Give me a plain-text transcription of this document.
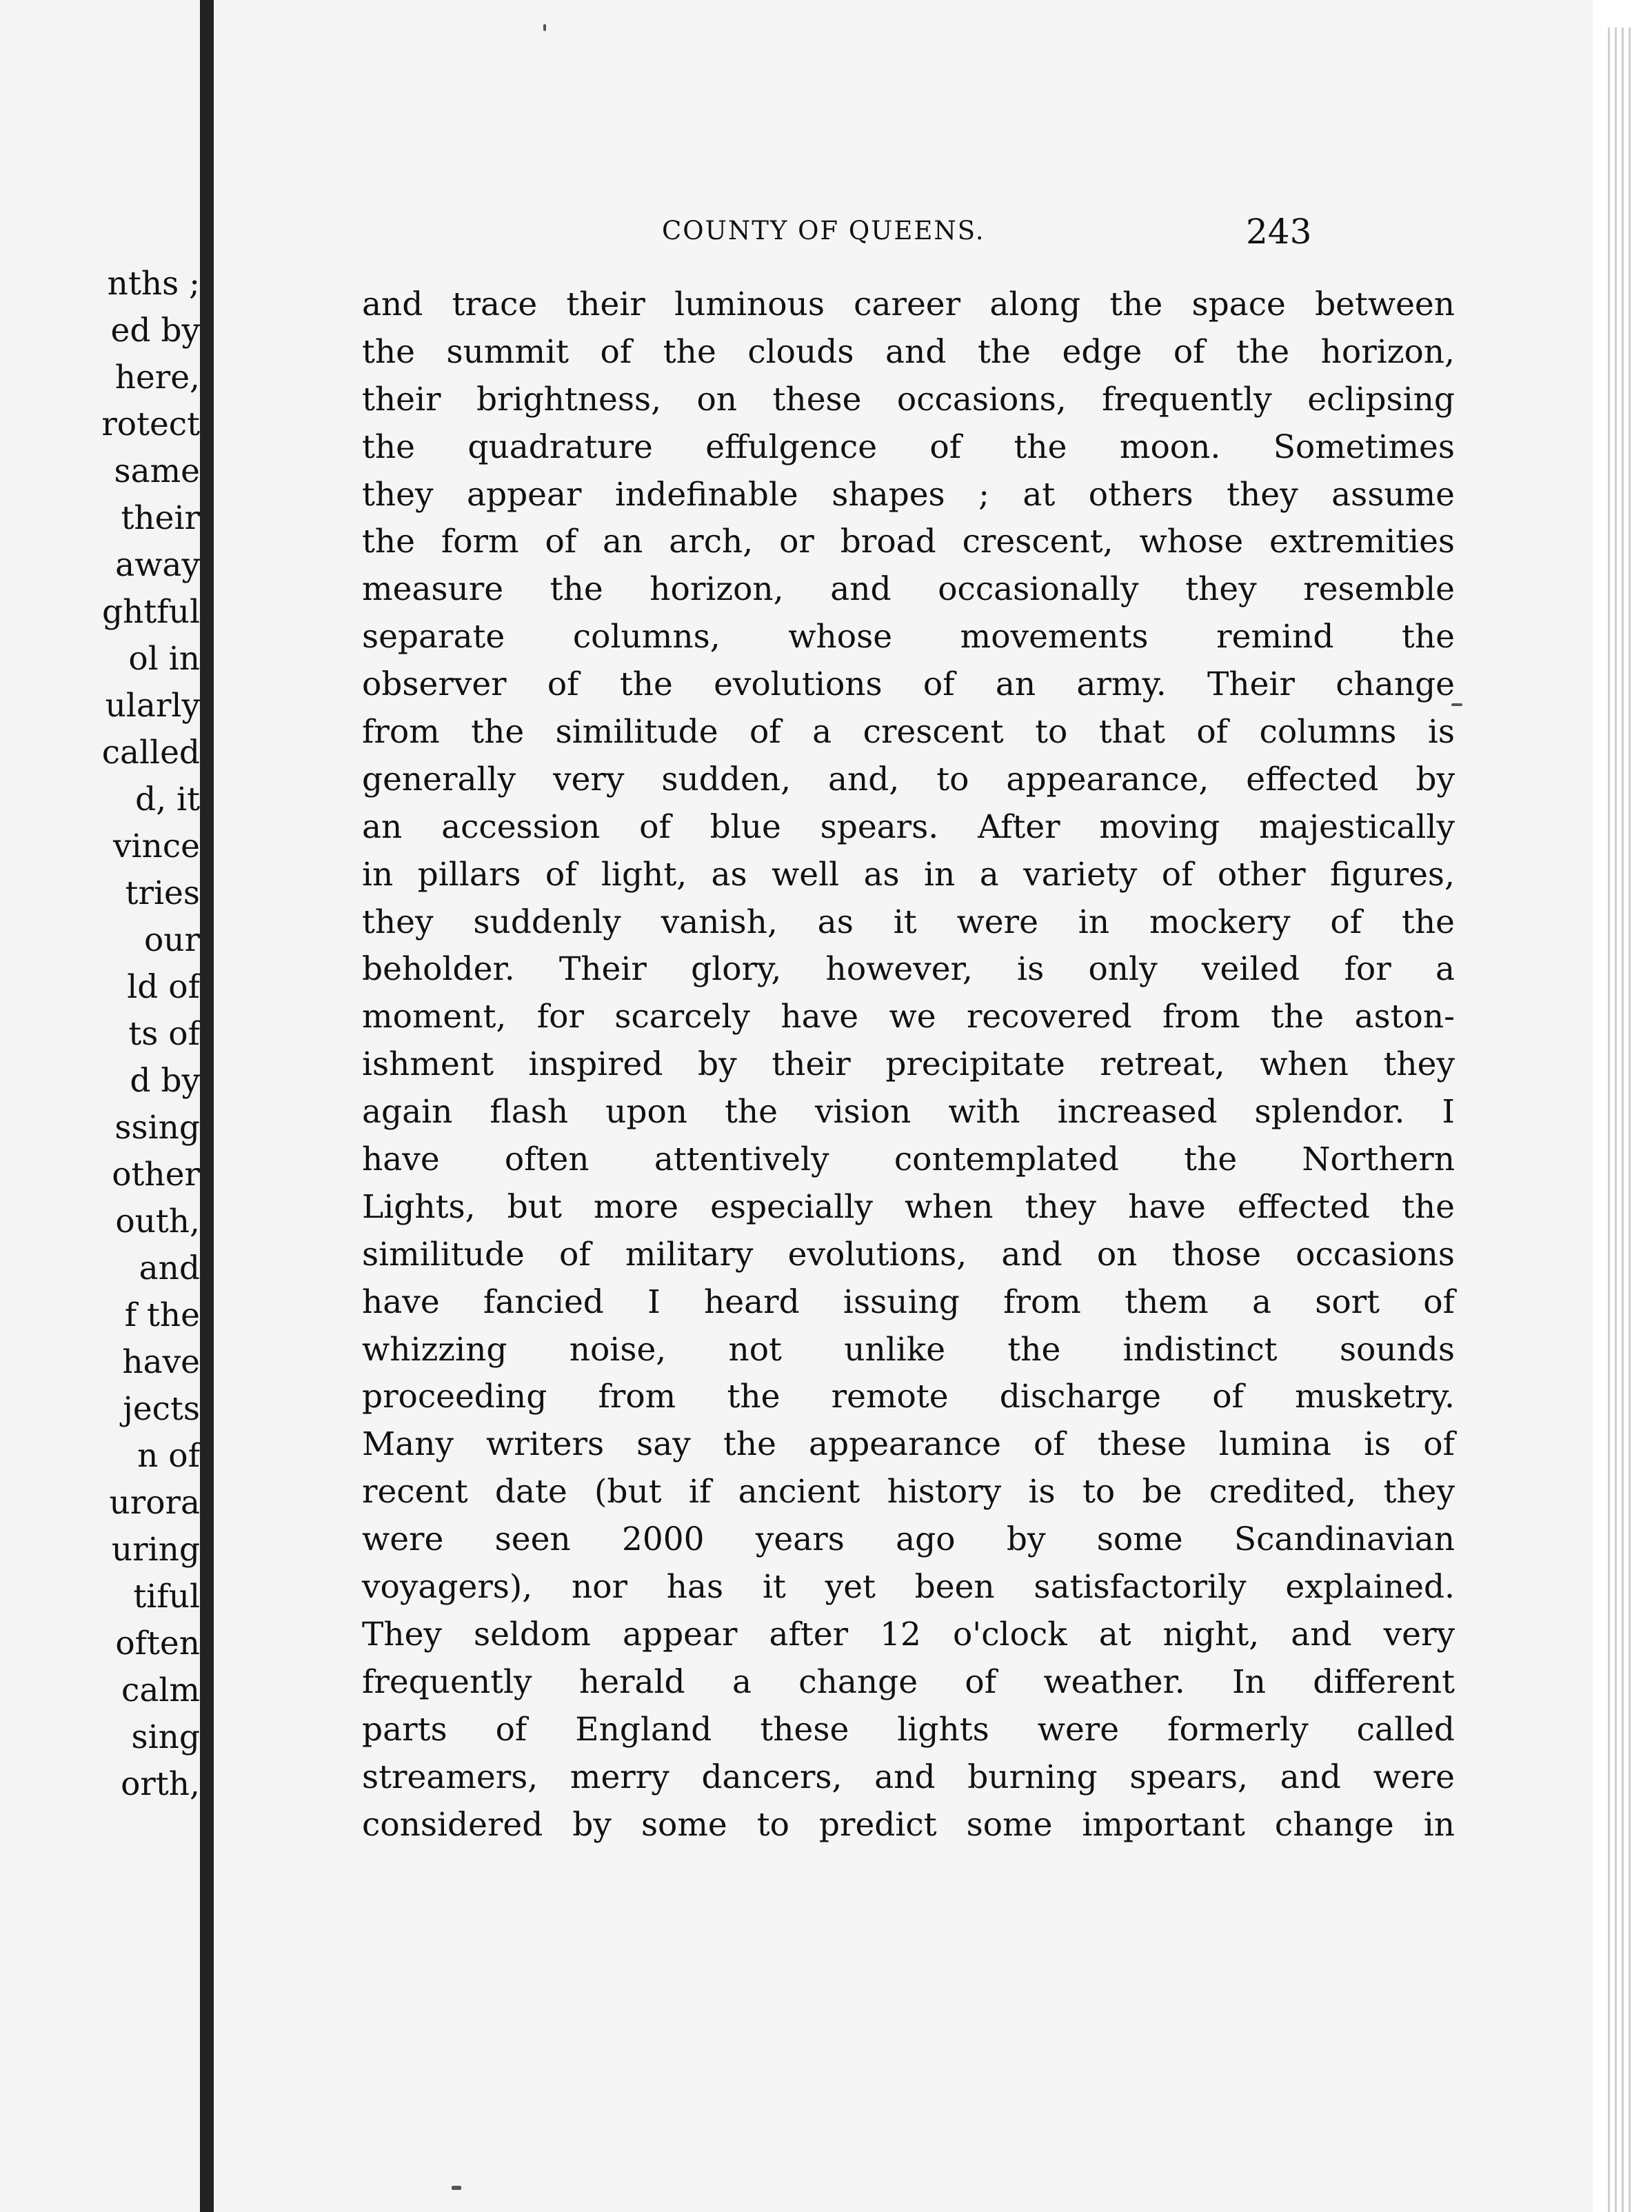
nths ;

ed by

here,

rotect

same

their

away

ghtful

ol in

ularly

called

d, it

vince

tries

our

ld of

ts of

d by

ssing

other

outh,

and

f the

have

jects

n of

urora

uring

tiful

often

calm

sing

orth,

COUNTY OF QUEENS.	243

and trace their luminous career along the space between

the summit of the clouds and the edge of the horizon,

their brightness, on these occasions, frequently eclipsing

the quadrature effulgence of the moon. Sometimes

they appear indefinable shapes ; at others they assume

the form of an arch, or broad crescent, whose extremities

measure the horizon, and occasionally they resemble

separate columns, whose movements remind the

observer of the evolutions of an army. Their change

from the similitude of a crescent to that of columns is

generally very sudden, and, to appearance, effected by

an accession of blue spears. After moving majestically

in pillars of light, as well as in a variety of other figures,

they suddenly vanish, as it were in mockery of the

beholder. Their glory, however, is only veiled for a

moment, for scarcely have we recovered from the aston-

ishment inspired by their precipitate retreat, when they

again flash upon the vision with increased splendor. I

have often attentively contemplated the Northern

Lights, but more especially when they have effected the

similitude of military evolutions, and on those occasions

have fancied I heard issuing from them a sort of

whizzing noise, not unlike the indistinct sounds

proceeding from the remote discharge of musketry.

Many writers say the appearance of these lumina is of

recent date (but if ancient history is to be credited, they

were seen 2000 years ago by some Scandinavian

voyagers), nor has it yet been satisfactorily explained.

They seldom appear after 12 o'clock at night, and very

frequently herald a change of weather. In different

parts of England these lights were formerly called

streamers, merry dancers, and burning spears, and were

considered by some to predict some important change in
